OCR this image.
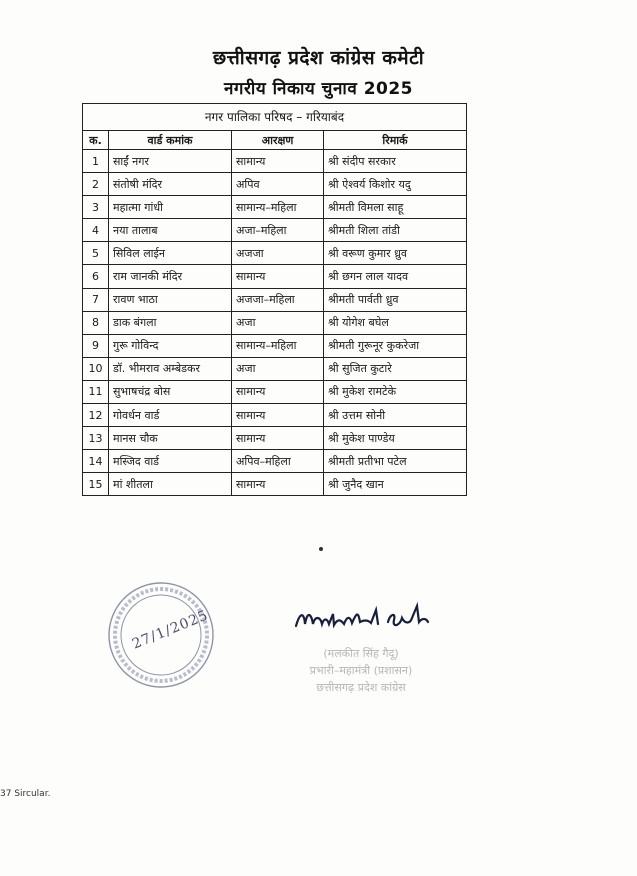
छत्तीसगढ़ प्रदेश कांग्रेस कमेटी
नगरीय निकाय चुनाव 2025
नगर पालिका परिषद – गरियाबंद
क.	वार्ड कमांक	आरक्षण	रिमार्क
1	साईं नगर	सामान्य	श्री संदीप सरकार
2	संतोषी मंदिर	अपिव	श्री ऐश्वर्य किशोर यदु
3	महात्मा गांधी	सामान्य–महिला	श्रीमती विमला साहू
4	नया तालाब	अजा–महिला	श्रीमती शिला तांडी
5	सिविल लाईन	अजजा	श्री वरूण कुमार ध्रुव
6	राम जानकी मंदिर	सामान्य	श्री छगन लाल यादव
7	रावण भाठा	अजजा–महिला	श्रीमती पार्वती ध्रुव
8	डाक बंगला	अजा	श्री योगेश बघेल
9	गुरू गोविन्द	सामान्य–महिला	श्रीमती गुरूनूर कुकरेजा
10	डॉ. भीमराव अम्बेडकर	अजा	श्री सुजित कुटारे
11	सुभाषचंद्र बोस	सामान्य	श्री मुकेश रामटेके
12	गोवर्धन वार्ड	सामान्य	श्री उत्तम सोनी
13	मानस चौक	सामान्य	श्री मुकेश पाण्डेय
14	मस्जिद वार्ड	अपिव–महिला	श्रीमती प्रतीभा पटेल
15	मां शीतला	सामान्य	श्री जुनैद खान
27/1/2025
(मलकीत सिंह गैदू)
प्रभारी–महामंत्री (प्रशासन)
छत्तीसगढ़ प्रदेश कांग्रेस
37 Sircular.
